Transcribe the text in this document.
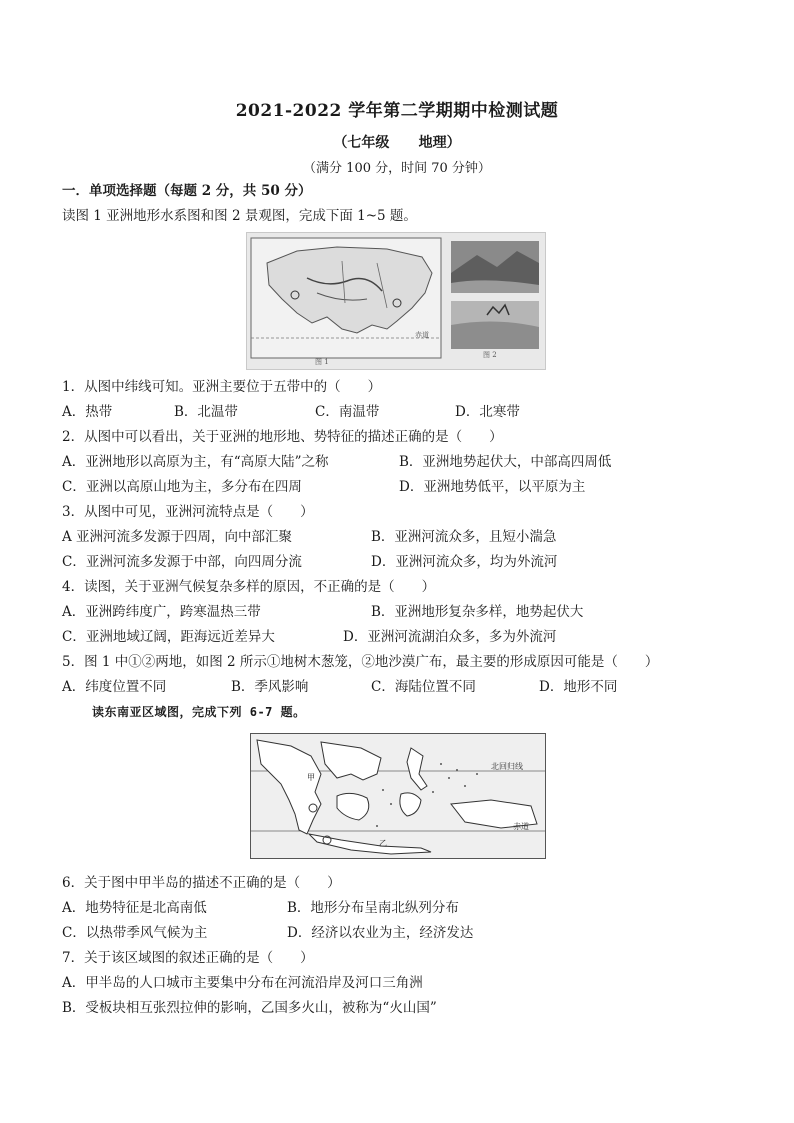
2021-2022 学年第二学期期中检测试题
（七年级      地理）
（满分 100 分，时间 70 分钟）
一．单项选择题（每题 2 分，共 50 分）
读图 1 亚洲地形水系图和图 2 景观图，完成下面 1~5 题。
图 1
图 2
赤道
1．从图中纬线可知。亚洲主要位于五带中的（　　）
A．热带	B．北温带	C．南温带	D．北寒带
2．从图中可以看出，关于亚洲的地形地、势特征的描述正确的是（　　）
A．亚洲地形以高原为主，有“高原大陆”之称	B．亚洲地势起伏大，中部高四周低
C．亚洲以高原山地为主，多分布在四周	D．亚洲地势低平，以平原为主
3．从图中可见，亚洲河流特点是（　　）
A 亚洲河流多发源于四周，向中部汇聚	B．亚洲河流众多，且短小湍急
C．亚洲河流多发源于中部，向四周分流	D．亚洲河流众多，均为外流河
4．读图，关于亚洲气候复杂多样的原因，不正确的是（　　）
A．亚洲跨纬度广，跨寒温热三带	B．亚洲地形复杂多样，地势起伏大
C．亚洲地域辽阔，距海远近差异大	D．亚洲河流湖泊众多，多为外流河
5．图 1 中①②两地，如图 2 所示①地树木葱笼，②地沙漠广布，最主要的形成原因可能是（　　）
A．纬度位置不同	B．季风影响	C．海陆位置不同	D．地形不同
读东南亚区域图，完成下列 6-7 题。
北回归线
赤道
甲
乙
6．关于图中甲半岛的描述不正确的是（　　）
A．地势特征是北高南低	B．地形分布呈南北纵列分布
C．以热带季风气候为主	D．经济以农业为主，经济发达
7．关于该区域图的叙述正确的是（　　）
A．甲半岛的人口城市主要集中分布在河流沿岸及河口三角洲
B．受板块相互张烈拉伸的影响，乙国多火山，被称为“火山国”
